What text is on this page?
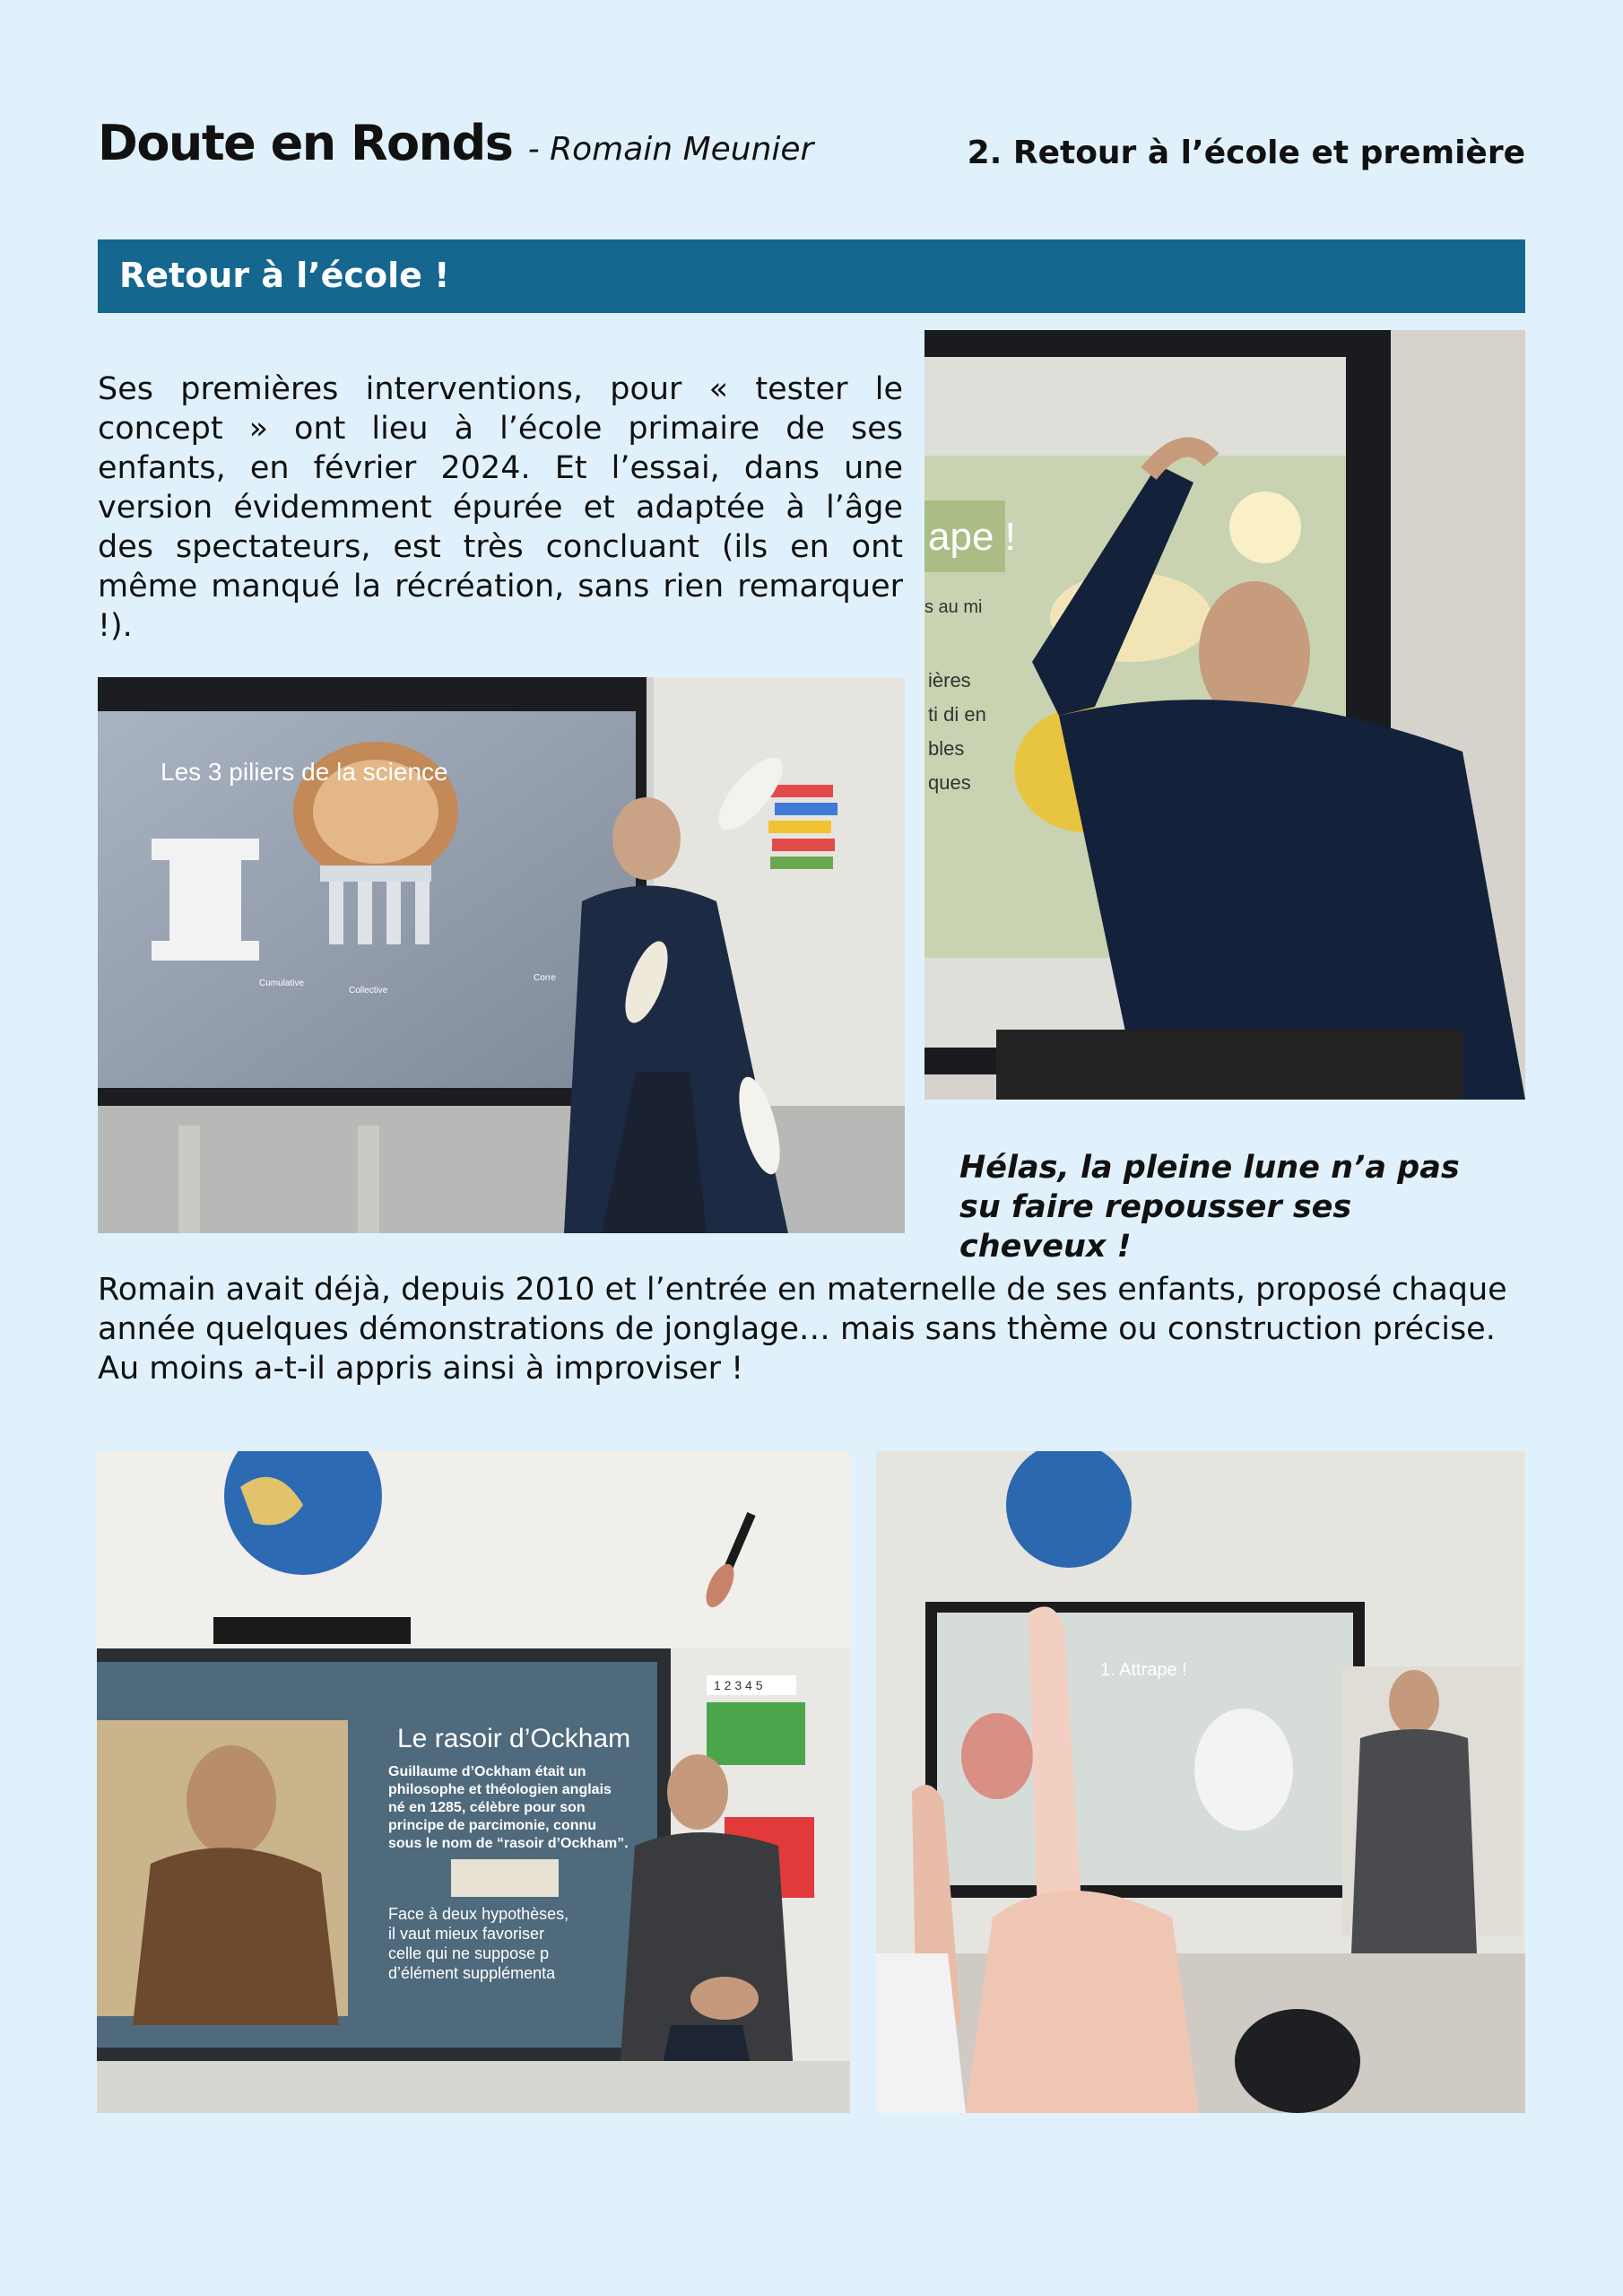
Doute en Ronds - Romain Meunier	2. Retour à l’école et première
Retour à l’école !
Ses premières interventions, pour « tester le concept » ont lieu à l’école primaire de ses enfants, en février 2024. Et l’essai, dans une version évidemment épurée et adaptée à l’âge des spectateurs, est très concluant (ils en ont même manqué la récréation, sans rien remarquer !).
Les 3 piliers de la science
Collective
Cumulative
Corre
ape !
s au mi
ières
ti di en
bles
ques
Hélas, la pleine lune n’a pas su faire repousser ses cheveux !
Romain avait déjà, depuis 2010 et l’entrée en maternelle de ses enfants, proposé chaque année quelques démonstrations de jonglage… mais sans thème ou construction précise. Au moins a-t-il appris ainsi à improviser !
Le rasoir d’Ockham
Guillaume d’Ockham était un
philosophe et théologien anglais
né en 1285, célèbre pour son
principe de parcimonie, connu
sous le nom de “rasoir d’Ockham”.
Face à deux hypothèses,
il vaut mieux favoriser
celle qui ne suppose p
d’élément supplémenta
1 2 3 4 5
1. Attrape !
